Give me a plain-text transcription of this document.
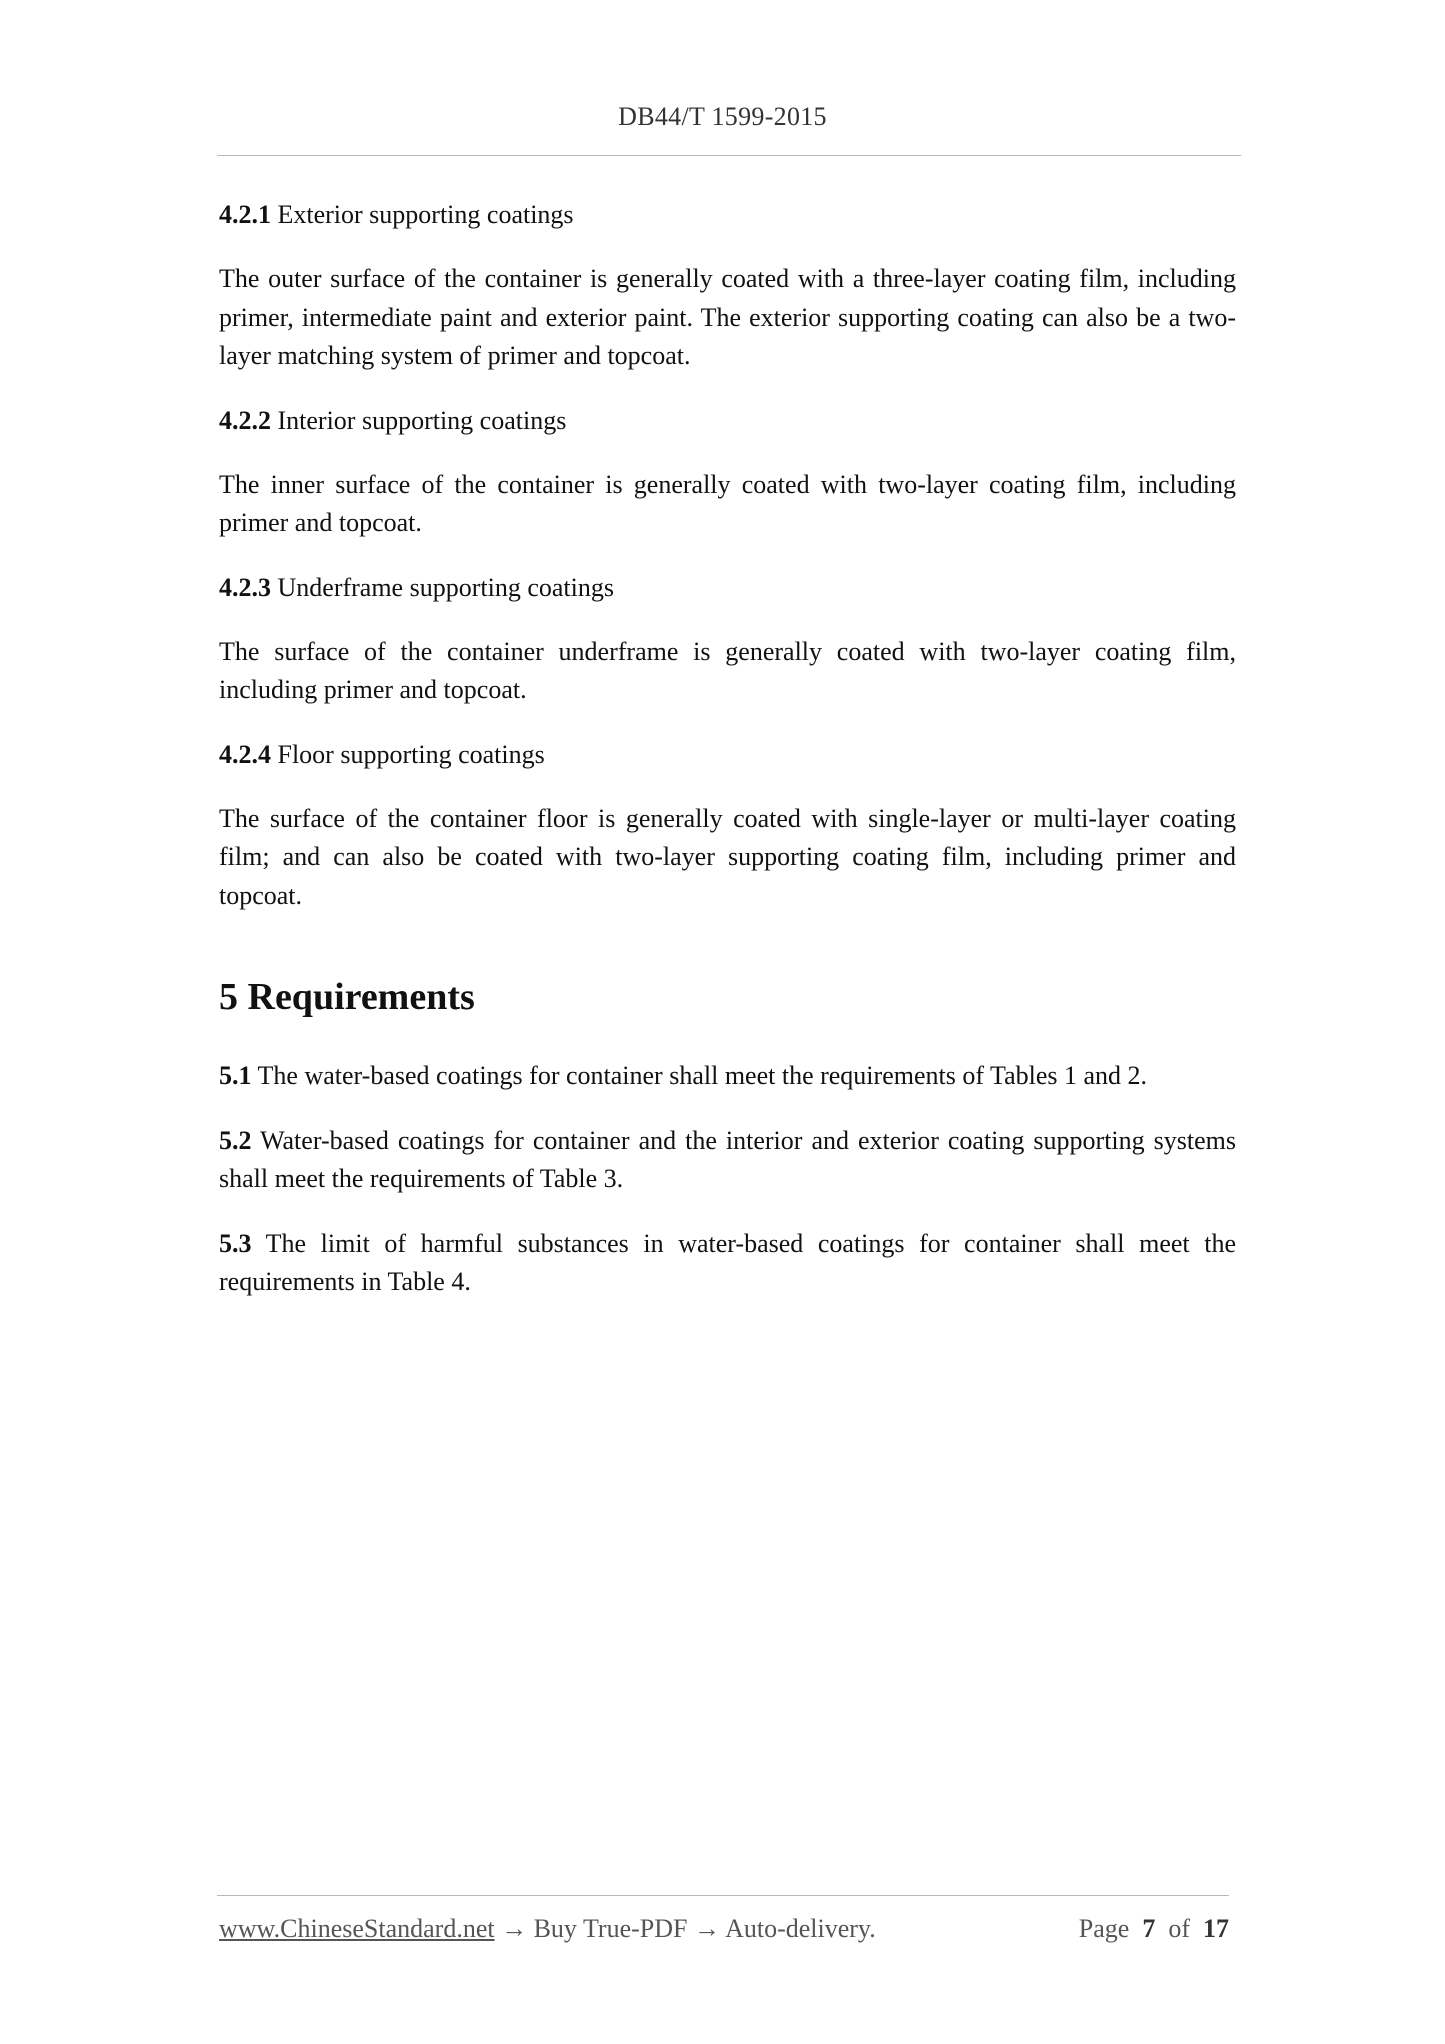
DB44/T 1599-2015
4.2.1 Exterior supporting coatings

The outer surface of the container is generally coated with a three-layer coating film, including primer, intermediate paint and exterior paint. The exterior supporting coating can also be a two-layer matching system of primer and topcoat.

4.2.2 Interior supporting coatings

The inner surface of the container is generally coated with two-layer coating film, including primer and topcoat.

4.2.3 Underframe supporting coatings

The surface of the container underframe is generally coated with two-layer coating film, including primer and topcoat.

4.2.4 Floor supporting coatings

The surface of the container floor is generally coated with single-layer or multi-layer coating film; and can also be coated with two-layer supporting coating film, including primer and topcoat.

5 Requirements

5.1 The water-based coatings for container shall meet the requirements of Tables 1 and 2.

5.2 Water-based coatings for container and the interior and exterior coating supporting systems shall meet the requirements of Table 3.

5.3 The limit of harmful substances in water-based coatings for container shall meet the requirements in Table 4.

www.ChineseStandard.net → Buy True-PDF → Auto-delivery.	Page 7 of 17
